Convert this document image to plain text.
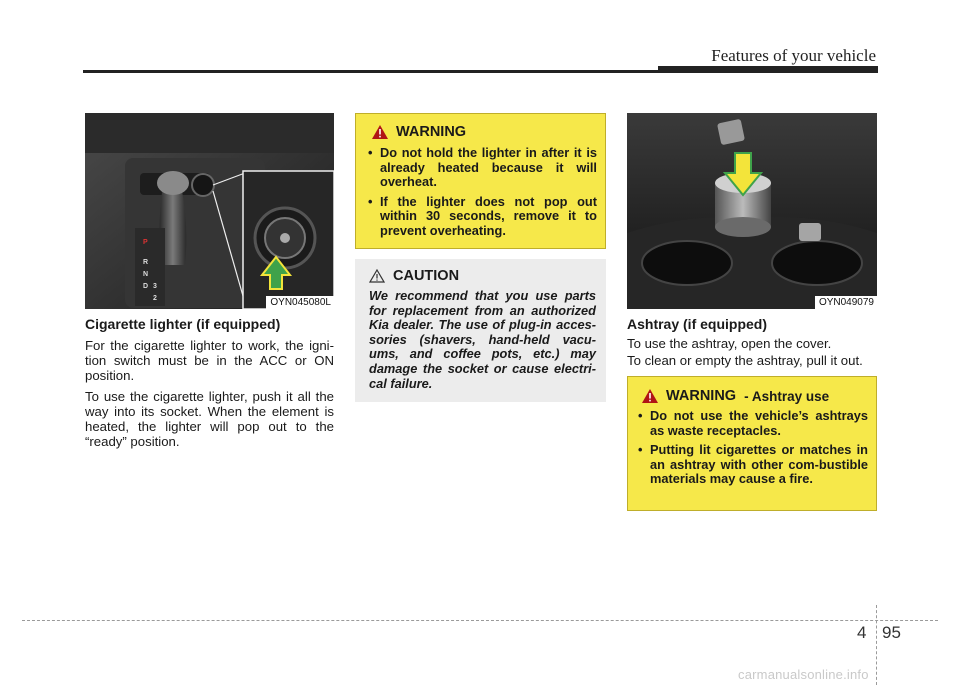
Features of your vehicle
P
R
N
D 3
2	OYN045080L
Cigarette lighter (if equipped)

For the cigarette lighter to work, the igni-tion switch must be in the ACC or ON position.

To use the cigarette lighter, push it all the way into its socket. When the element is heated, the lighter will pop out to the “ready” position.

WARNING
• Do not hold the lighter in after it is already heated because it will overheat.
• If the lighter does not pop out within 30 seconds, remove it to prevent overheating.
CAUTION
We recommend that you use parts for replacement from an authorized Kia dealer. The use of plug-in acces-sories (shavers, hand-held vacu-ums, and coffee pots, etc.) may damage the socket or cause electri-cal failure.
OYN049079
Ashtray (if equipped)

To use the ashtray, open the cover.

To clean or empty the ashtray, pull it out.

WARNING - Ashtray use
• Do not use the vehicle’s ashtrays as waste receptacles.
• Putting lit cigarettes or matches in an ashtray with other com-bustible materials may cause a fire.
4 95
carmanualsonline.info
